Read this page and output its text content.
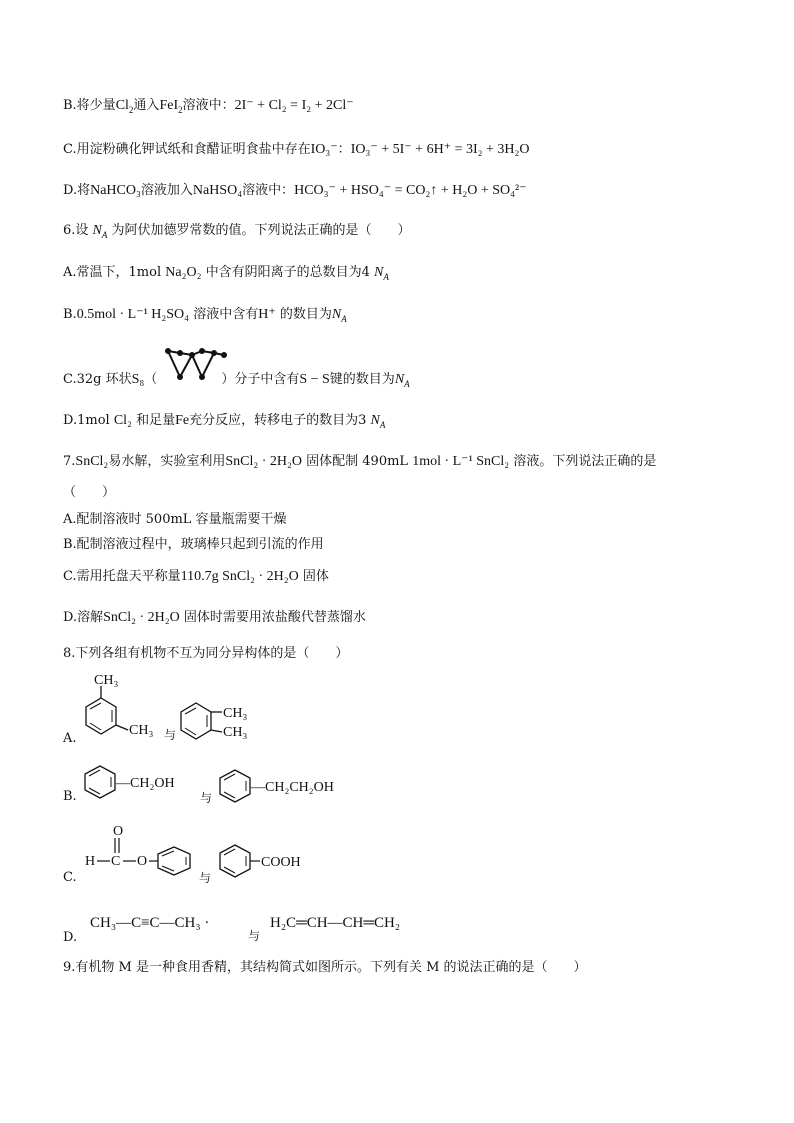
B.将少量$Cl_2$通入FeI$_2$溶液中：2I⁻ + Cl₂ = I₂ + 2Cl⁻
C.用淀粉碘化钾试纸和食醋证明食盐中存在IO₃⁻：IO₃⁻ + 5I⁻ + 6H⁺ = 3I₂ + 3H₂O
D.将NaHCO₃溶液加入NaHSO₄溶液中：HCO₃⁻ + HSO₄⁻ = CO₂↑ + H₂O + SO₄²⁻
6.设 $N_A$ 为阿伏加德罗常数的值。下列说法正确的是（　　）
A.常温下，1mol Na₂O₂ 中含有阴阳离子的总数目为4 $N_A$
B.0.5mol · L⁻¹ H₂SO₄ 溶液中含有H⁺ 的数目为$N_A$
C.32g 环状S₈（	）分子中含有S − S键的数目为$N_A$
D.1mol Cl₂ 和足量Fe充分反应，转移电子的数目为3 $N_A$
7.SnCl₂易水解，实验室利用SnCl₂ · 2H₂O 固体配制 490mL 1mol · L⁻¹ SnCl₂ 溶液。下列说法正确的是
（　　）
A.配制溶液时 500mL 容量瓶需要干燥
B.配制溶液过程中，玻璃棒只起到引流的作用
C.需用托盘天平称量110.7g SnCl₂ · 2H₂O 固体
D.溶解SnCl₂ · 2H₂O 固体时需要用浓盐酸代替蒸馏水
8.下列各组有机物不互为同分异构体的是（　　）
A.
CH₃
CH₃ 与
CH₃
CH₃
B.
—CH₂OH
与
—CH₂CH₂OH
C.
O
H C O
与
COOH
D.
CH₃—C≡C—CH₃ ·
与
H₂C═CH—CH═CH₂
9.有机物 M 是一种食用香精，其结构简式如图所示。下列有关 M 的说法正确的是（　　）
